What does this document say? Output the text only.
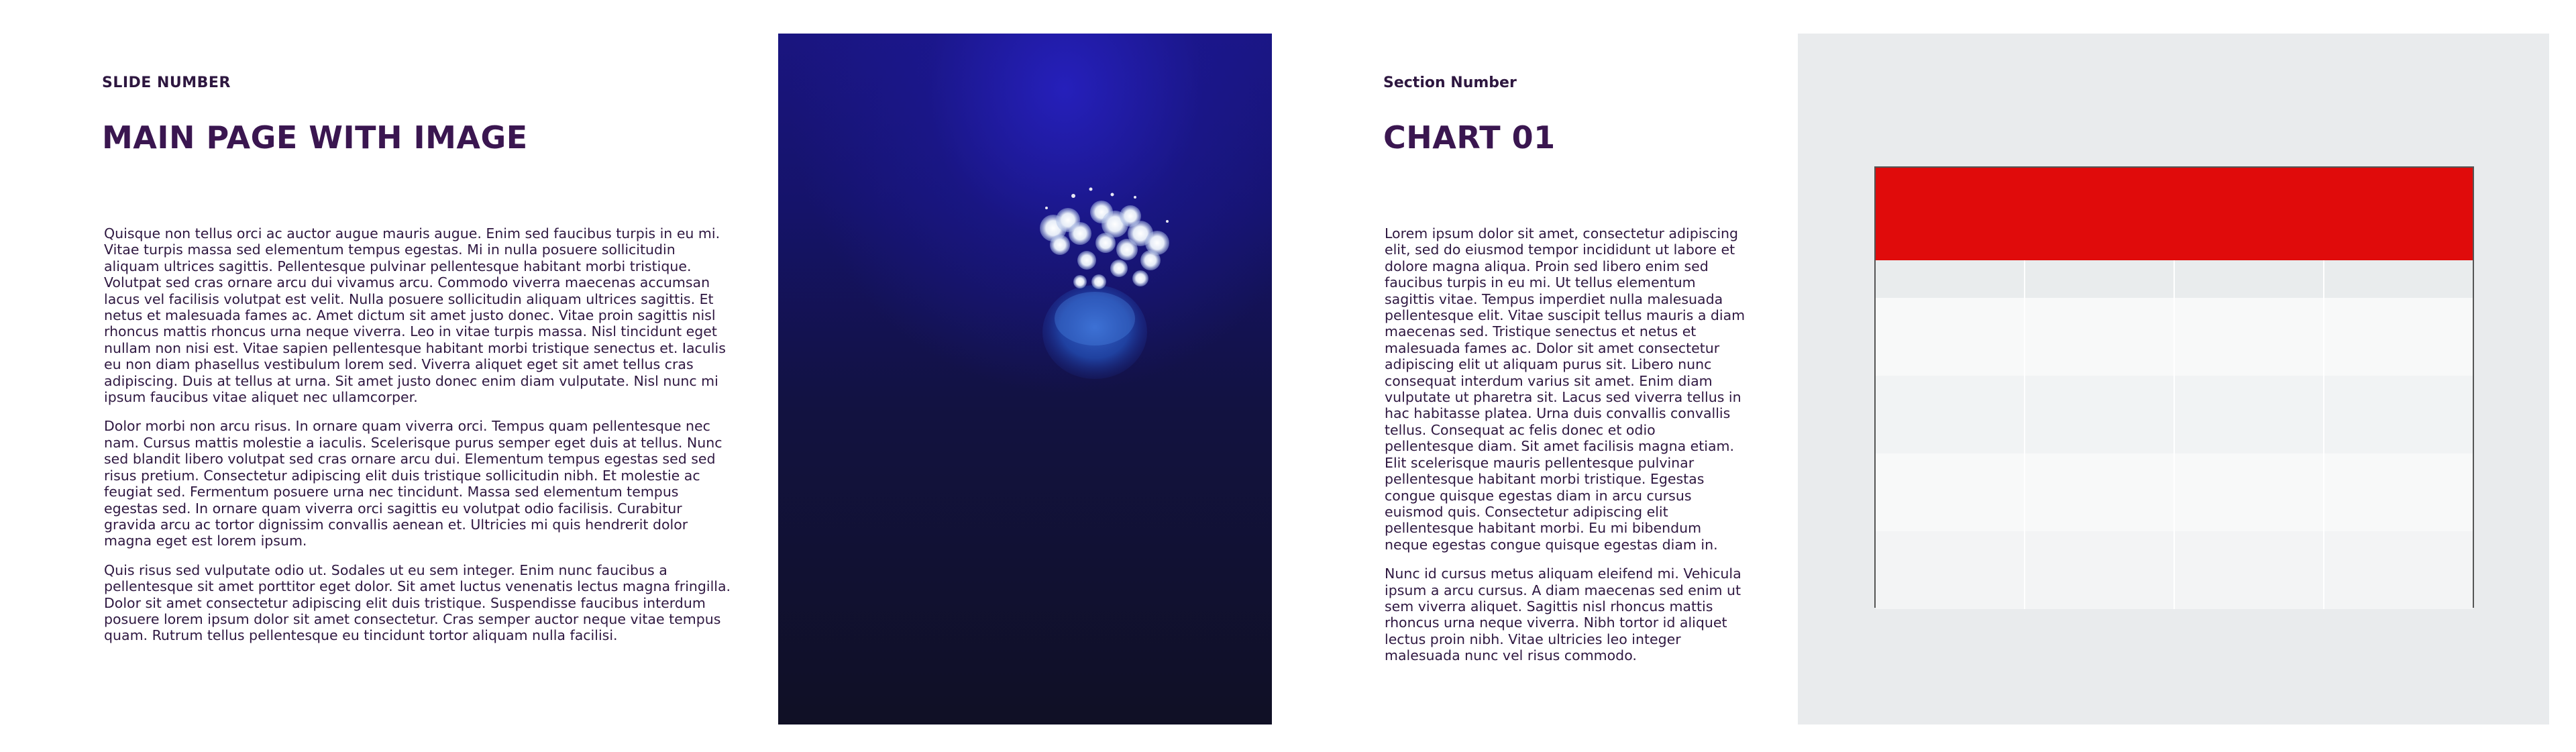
SLIDE NUMBER
MAIN PAGE WITH IMAGE

Quisque non tellus orci ac auctor augue mauris augue. Enim sed faucibus turpis in eu mi. Vitae turpis massa sed elementum tempus egestas. Mi in nulla posuere sollicitudin aliquam ultrices sagittis. Pellentesque pulvinar pellentesque habitant morbi tristique. Volutpat sed cras ornare arcu dui vivamus arcu. Commodo viverra maecenas accumsan lacus vel facilisis volutpat est velit. Nulla posuere sollicitudin aliquam ultrices sagittis. Et netus et malesuada fames ac. Amet dictum sit amet justo donec. Vitae proin sagittis nisl rhoncus mattis rhoncus urna neque viverra. Leo in vitae turpis massa. Nisl tincidunt eget nullam non nisi est. Vitae sapien pellentesque habitant morbi tristique senectus et. Iaculis eu non diam phasellus vestibulum lorem sed. Viverra aliquet eget sit amet tellus cras adipiscing. Duis at tellus at urna. Sit amet justo donec enim diam vulputate. Nisl nunc mi ipsum faucibus vitae aliquet nec ullamcorper.

Dolor morbi non arcu risus. In ornare quam viverra orci. Tempus quam pellentesque nec nam. Cursus mattis molestie a iaculis. Scelerisque purus semper eget duis at tellus. Nunc sed blandit libero volutpat sed cras ornare arcu dui. Elementum tempus egestas sed sed risus pretium. Consectetur adipiscing elit duis tristique sollicitudin nibh. Et molestie ac feugiat sed. Fermentum posuere urna nec tincidunt. Massa sed elementum tempus egestas sed. In ornare quam viverra orci sagittis eu volutpat odio facilisis. Curabitur gravida arcu ac tortor dignissim convallis aenean et. Ultricies mi quis hendrerit dolor magna eget est lorem ipsum.

Quis risus sed vulputate odio ut. Sodales ut eu sem integer. Enim nunc faucibus a pellentesque sit amet porttitor eget dolor. Sit amet luctus venenatis lectus magna fringilla. Dolor sit amet consectetur adipiscing elit duis tristique. Suspendisse faucibus interdum posuere lorem ipsum dolor sit amet consectetur. Cras semper auctor neque vitae tempus quam. Rutrum tellus pellentesque eu tincidunt tortor aliquam nulla facilisi.

Section Number
CHART 01

Lorem ipsum dolor sit amet, consectetur adipiscing elit, sed do eiusmod tempor incididunt ut labore et dolore magna aliqua. Proin sed libero enim sed faucibus turpis in eu mi. Ut tellus elementum sagittis vitae. Tempus imperdiet nulla malesuada pellentesque elit. Vitae suscipit tellus mauris a diam maecenas sed. Tristique senectus et netus et malesuada fames ac. Dolor sit amet consectetur adipiscing elit ut aliquam purus sit. Libero nunc consequat interdum varius sit amet. Enim diam vulputate ut pharetra sit. Lacus sed viverra tellus in hac habitasse platea. Urna duis convallis convallis tellus. Consequat ac felis donec et odio pellentesque diam. Sit amet facilisis magna etiam. Elit scelerisque mauris pellentesque pulvinar pellentesque habitant morbi tristique. Egestas congue quisque egestas diam in arcu cursus euismod quis. Consectetur adipiscing elit pellentesque habitant morbi. Eu mi bibendum neque egestas congue quisque egestas diam in.

Nunc id cursus metus aliquam eleifend mi. Vehicula ipsum a arcu cursus. A diam maecenas sed enim ut sem viverra aliquet. Sagittis nisl rhoncus mattis rhoncus urna neque viverra. Nibh tortor id aliquet lectus proin nibh. Vitae ultricies leo integer malesuada nunc vel risus commodo.
